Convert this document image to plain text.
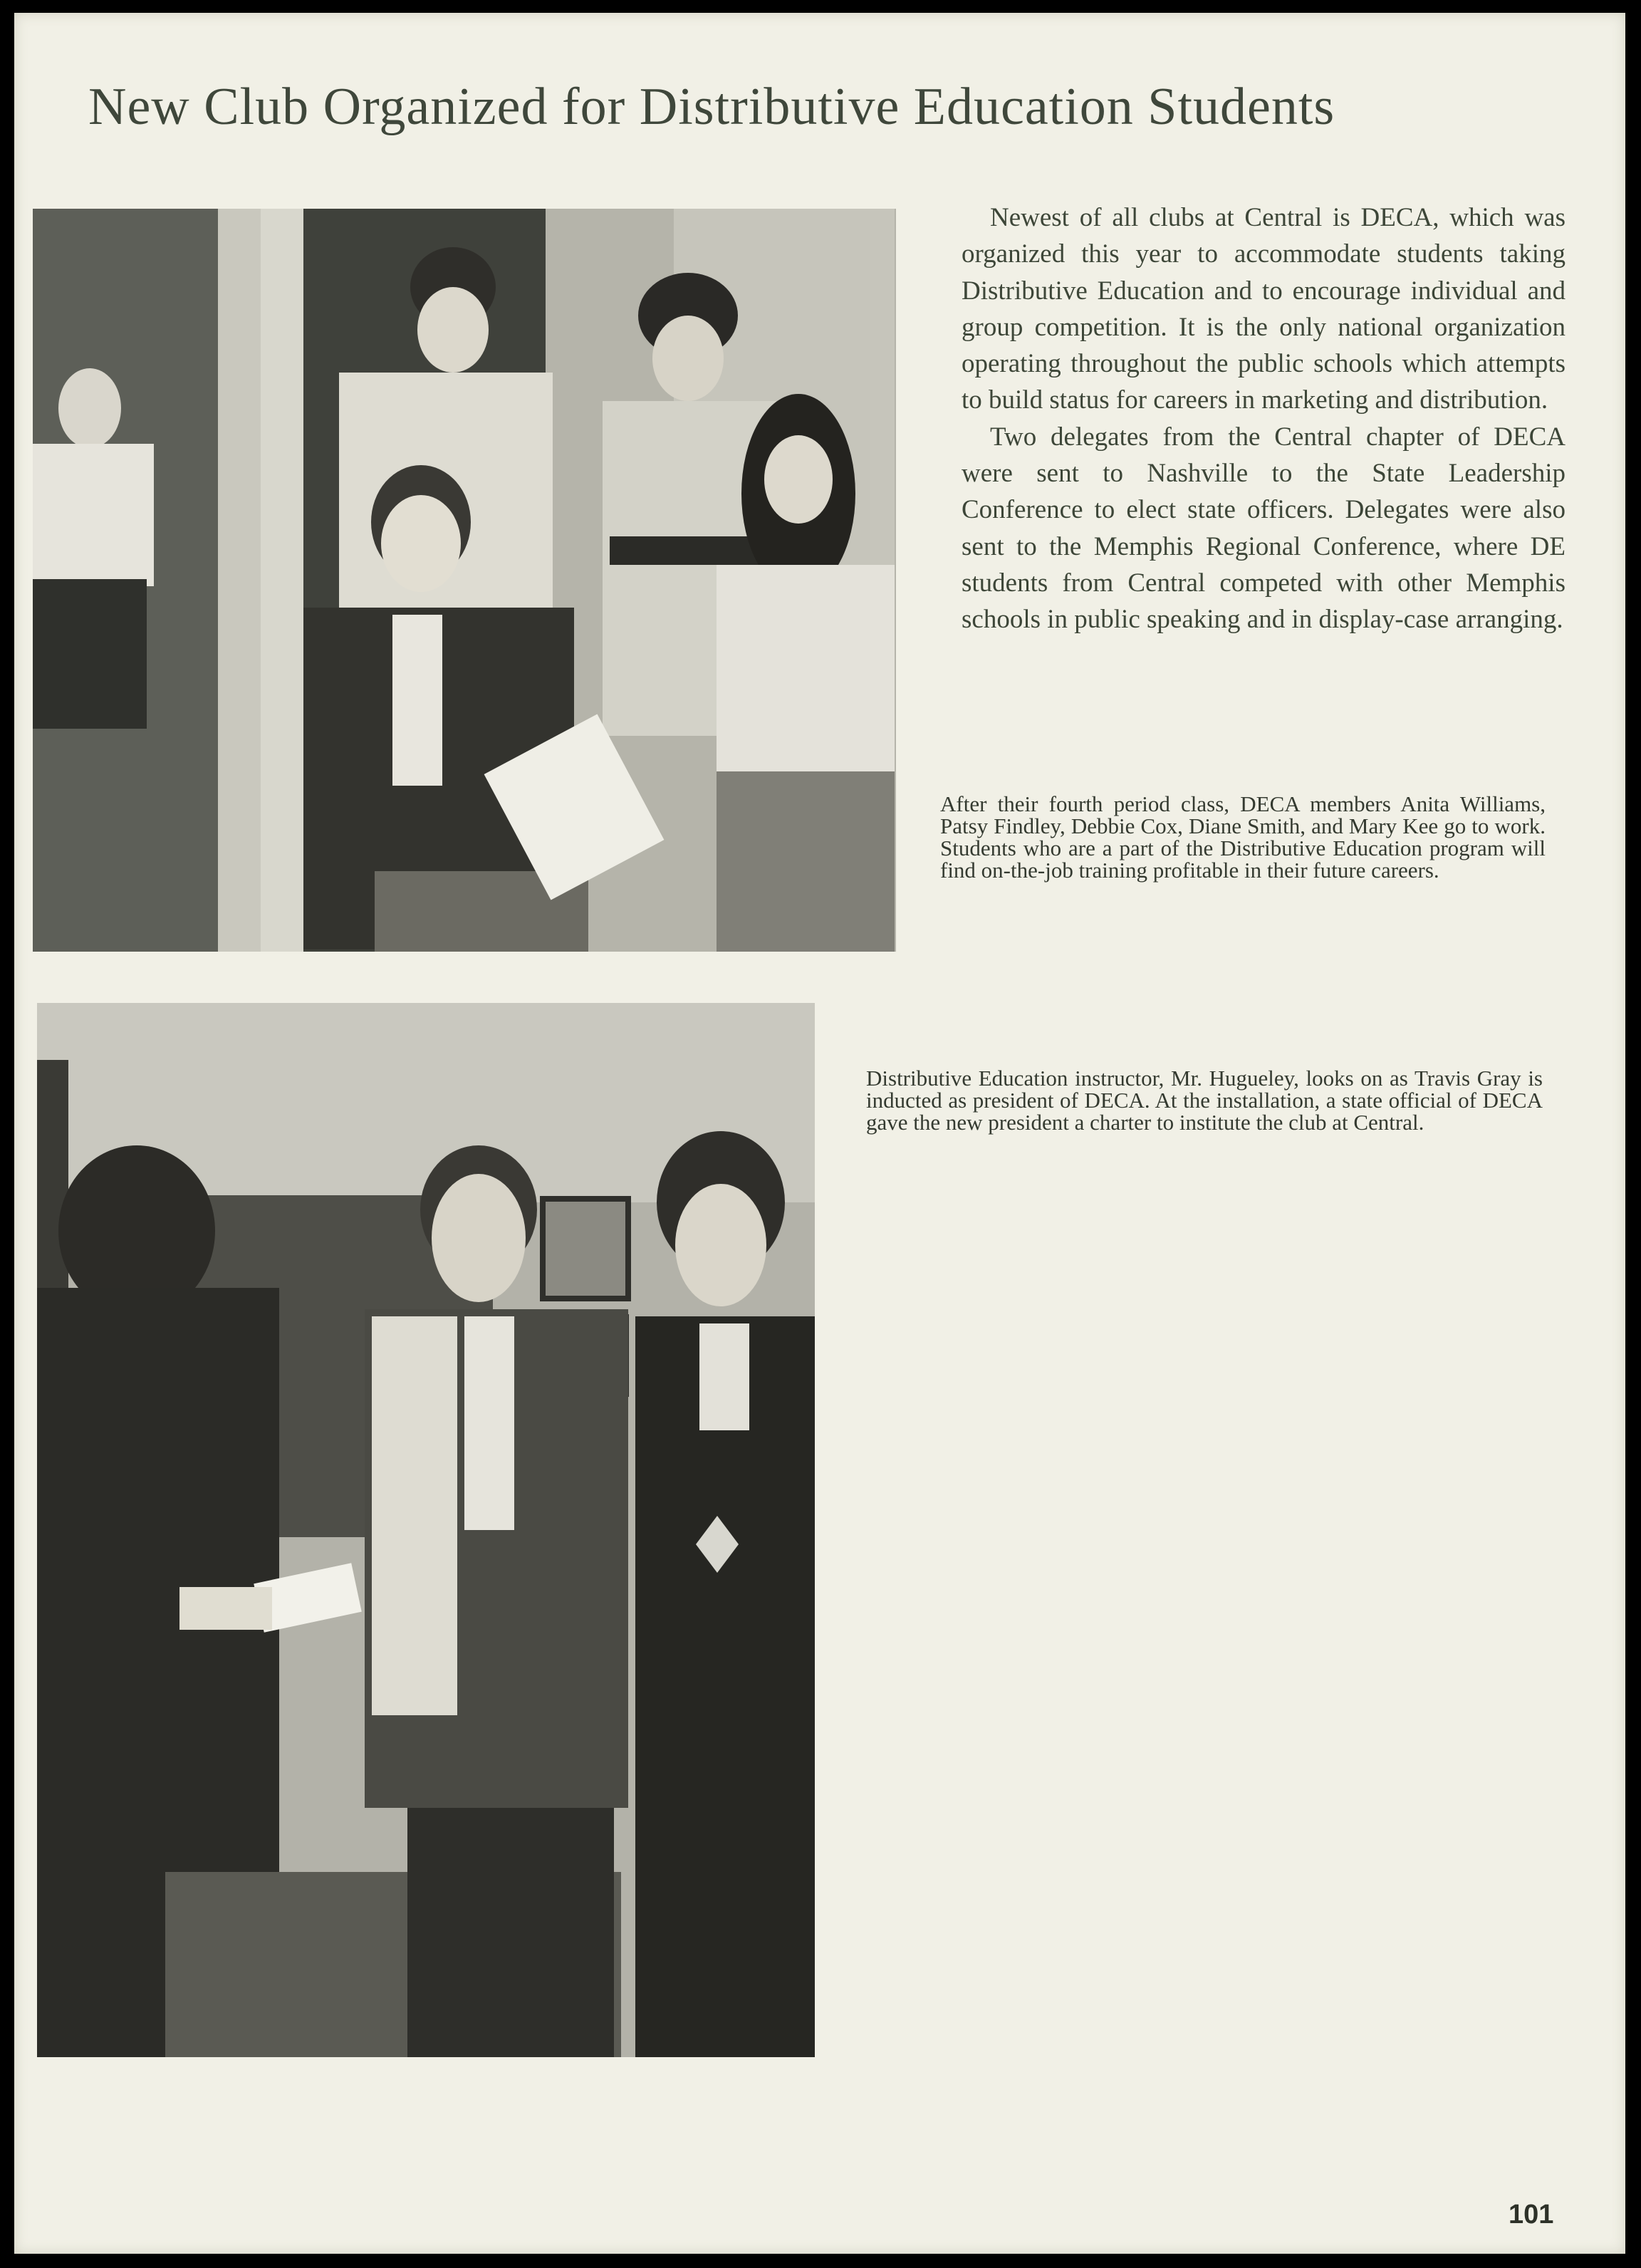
New Club Organized for Distributive Education Students

Newest of all clubs at Central is DECA, which was organized this year to accommodate students taking Distributive Education and to encourage individual and group competition. It is the only national organization operating throughout the public schools which attempts to build status for careers in marketing and distribution.

Two delegates from the Central chapter of DECA were sent to Nashville to the State Leadership Conference to elect state officers. Delegates were also sent to the Memphis Regional Conference, where DE students from Central competed with other Memphis schools in public speaking and in display-case arranging.

After their fourth period class, DECA members Anita Williams, Patsy Findley, Debbie Cox, Diane Smith, and Mary Kee go to work. Students who are a part of the Distributive Education program will find on-the-job training profitable in their future careers.
Distributive Education instructor, Mr. Hugueley, looks on as Travis Gray is inducted as president of DECA. At the installation, a state official of DECA gave the new president a charter to institute the club at Central.
101
